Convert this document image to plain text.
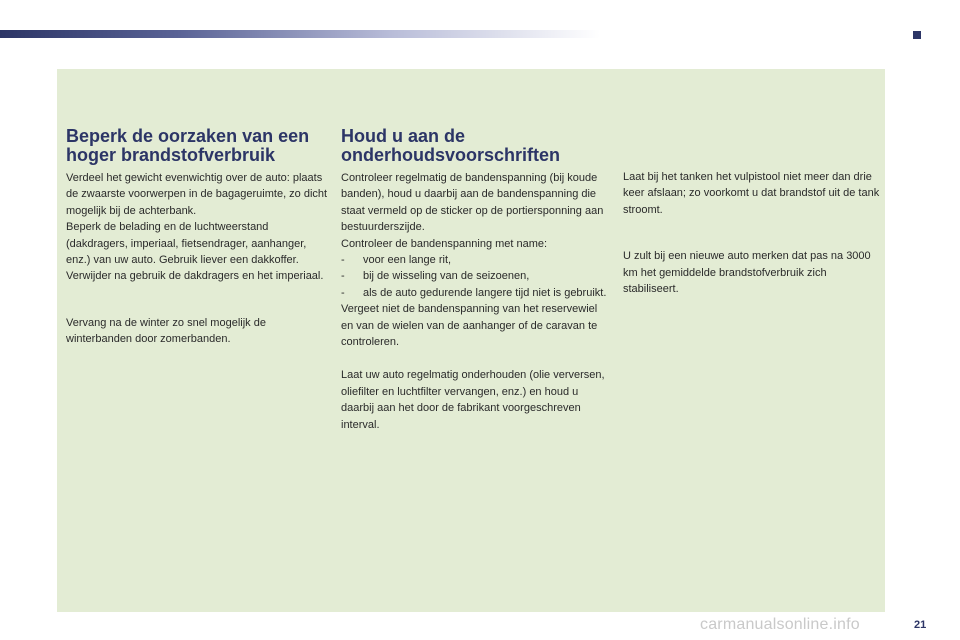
Beperk de oorzaken van een hoger brandstofverbruik

Verdeel het gewicht evenwichtig over de auto: plaats de zwaarste voorwerpen in de bagageruimte, zo dicht mogelijk bij de achterbank.

Beperk de belading en de luchtweerstand (dakdragers, imperiaal, fietsendrager, aanhanger, enz.) van uw auto. Gebruik liever een dakkoffer.

Verwijder na gebruik de dakdragers en het imperiaal.

Vervang na de winter zo snel mogelijk de winterbanden door zomerbanden.

Houd u aan de onderhoudsvoorschriften

Controleer regelmatig de bandenspanning (bij koude banden), houd u daarbij aan de bandenspanning die staat vermeld op de sticker op de portiersponning aan bestuurderszijde.

Controleer de bandenspanning met name:

- voor een lange rit,
- bij de wisseling van de seizoenen,
- als de auto gedurende langere tijd niet is gebruikt.

Vergeet niet de bandenspanning van het reservewiel en van de wielen van de aanhanger of de caravan te controleren.

Laat uw auto regelmatig onderhouden (olie verversen, oliefilter en luchtfilter vervangen, enz.) en houd u daarbij aan het door de fabrikant voorgeschreven interval.

Laat bij het tanken het vulpistool niet meer dan drie keer afslaan; zo voorkomt u dat brandstof uit de tank stroomt.

U zult bij een nieuwe auto merken dat pas na 3000 km het gemiddelde brandstofverbruik zich stabiliseert.

carmanualsonline.info	21
